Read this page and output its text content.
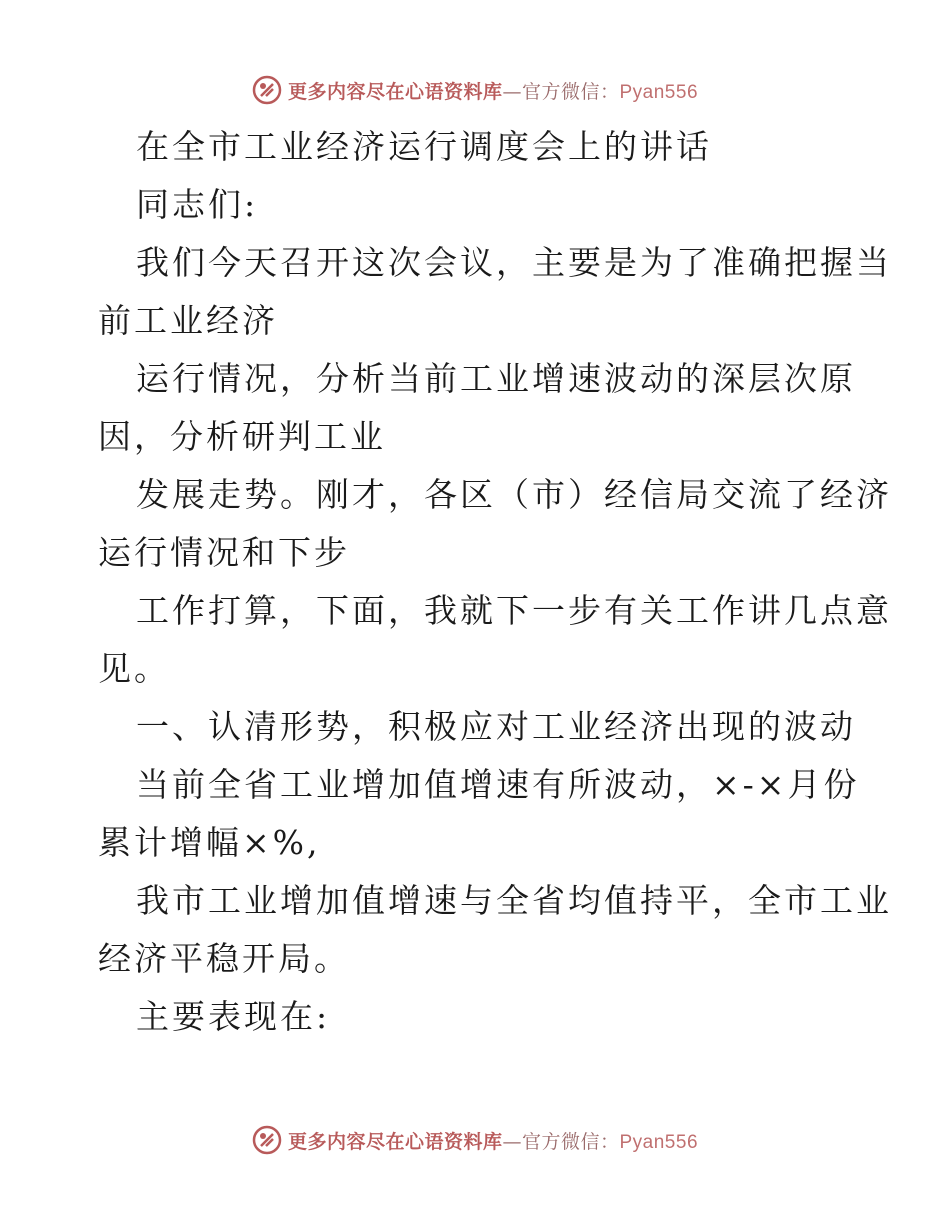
更多内容尽在心语资料库—官方微信：Pyan556
在全市工业经济运行调度会上的讲话
同志们:
我们今天召开这次会议，主要是为了准确把握当
前工业经济
运行情况，分析当前工业增速波动的深层次原
因，分析研判工业
发展走势。刚才，各区（市）经信局交流了经济
运行情况和下步
工作打算，下面，我就下一步有关工作讲几点意
见。
一、认清形势，积极应对工业经济出现的波动
当前全省工业增加值增速有所波动，×-×月份
累计增幅×%,
我市工业增加值增速与全省均值持平，全市工业
经济平稳开局。
主要表现在:
更多内容尽在心语资料库—官方微信：Pyan556
